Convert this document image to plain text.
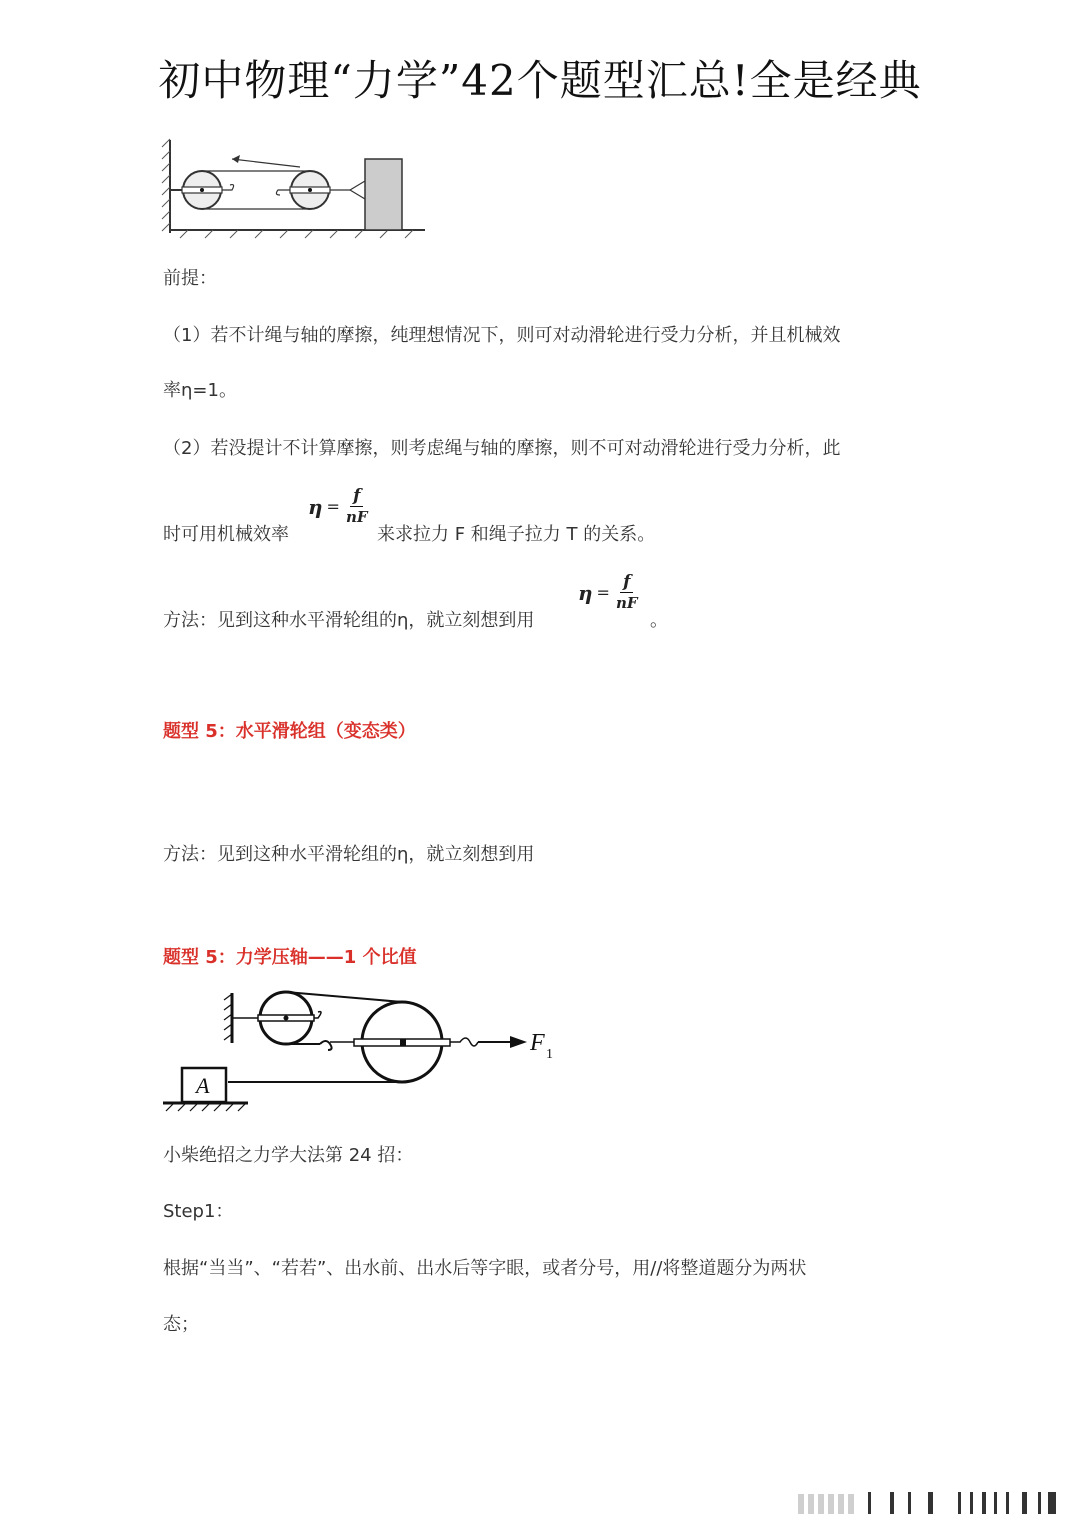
初中物理“力学”42个题型汇总!全是经典
前提：
（1）若不计绳与轴的摩擦，纯理想情况下，则可对动滑轮进行受力分析，并且机械效
率η=1。
（2）若没提计不计算摩擦，则考虑绳与轴的摩擦，则不可对动滑轮进行受力分析，此
时可用机械效率
$\eta = \frac{f}{nF}$
来求拉力 F 和绳子拉力 T 的关系。
方法：见到这种水平滑轮组的η，就立刻想到用
$\eta = \frac{f}{nF}$
。
题型 5：水平滑轮组（变态类）
方法：见到这种水平滑轮组的η，就立刻想到用
题型 5：力学压轴——1 个比值
F 1
A
小柴绝招之力学大法第 24 招：
Step1：
根据“当当”、“若若”、出水前、出水后等字眼，或者分号，用//将整道题分为两状
态；
